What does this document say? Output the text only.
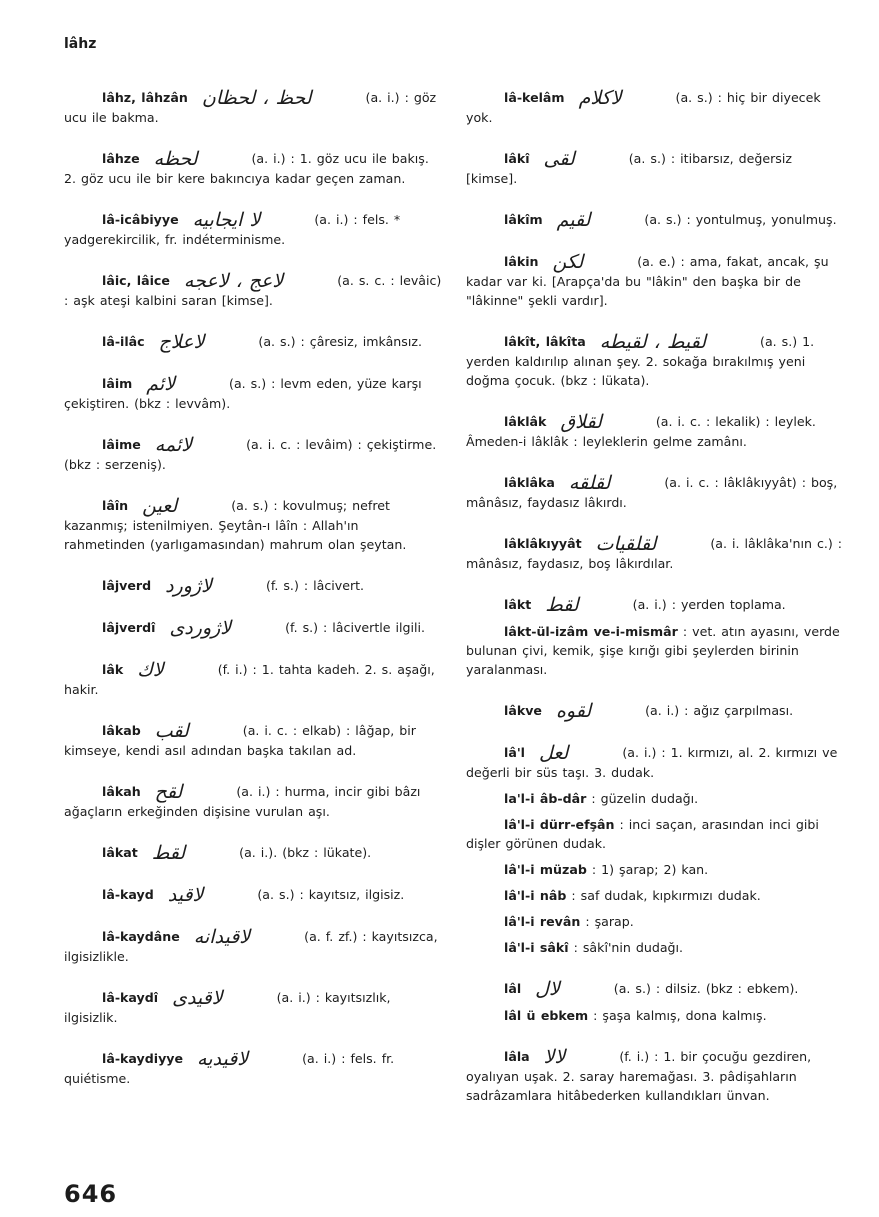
lâhz
lâhz, lâhzân لحظ ، لحظان	(a. i.) : göz ucu ile bakma.
lâhze لحظه	(a. i.) : 1. göz ucu ile bakış. 2. göz ucu ile bir kere bakıncıya kadar geçen zaman.
lâ-icâbiyye لا ايجابيه	(a. i.) : fels. * yadgerekircilik, fr. indéterminisme.
lâic, lâice لاعج ، لاعجه	(a. s. c. : levâic) : aşk ateşi kalbini saran [kimse].
lâ-ilâc لاعلاج	(a. s.) : çâresiz, imkânsız.
lâim لائم	(a. s.) : levm eden, yüze karşı çekiştiren. (bkz : levvâm).
lâime لائمه	(a. i. c. : levâim) : çekiştirme. (bkz : serzeniş).
lâîn لعين	(a. s.) : kovulmuş; nefret kazanmış; istenilmiyen. Şeytân-ı lâîn : Allah'ın rahmetinden (yarlıgamasından) mahrum olan şeytan.
lâjverd لاژورد	(f. s.) : lâcivert.
lâjverdî لاژوردى	(f. s.) : lâcivertle ilgili.
lâk لاك	(f. i.) : 1. tahta kadeh. 2. s. aşağı, hakir.
lâkab لقب	(a. i. c. : elkab) : lâğap, bir kimseye, kendi asıl adından başka takılan ad.
lâkah لقح	(a. i.) : hurma, incir gibi bâzı ağaçların erkeğinden dişisine vurulan aşı.
lâkat لقط	(a. i.). (bkz : lükate).
lâ-kayd لاقيد	(a. s.) : kayıtsız, ilgisiz.
lâ-kaydâne لاقيدانه	(a. f. zf.) : kayıtsızca, ilgisizlikle.
lâ-kaydî لاقيدى	(a. i.) : kayıtsızlık, ilgisizlik.
lâ-kaydiyye لاقيديه	(a. i.) : fels. fr. quiétisme.
lâ-kelâm لاكلام	(a. s.) : hiç bir diyecek yok.
lâkî لقى	(a. s.) : itibarsız, değersiz [kimse].
lâkîm لقيم	(a. s.) : yontulmuş, yonulmuş.
lâkin لكن	(a. e.) : ama, fakat, ancak, şu kadar var ki. [Arapça'da bu "lâkin" den başka bir de "lâkinne" şekli vardır].
lâkît, lâkîta لقيط ، لقيطه	(a. s.) 1. yerden kaldırılıp alınan şey. 2. sokağa bırakılmış yeni doğma çocuk. (bkz : lükata).
lâklâk لقلاق	(a. i. c. : lekalik) : leylek. Âmeden-i lâklâk : leyleklerin gelme zamânı.
lâklâka لقلقه	(a. i. c. : lâklâkıyyât) : boş, mânâsız, faydasız lâkırdı.
lâklâkıyyât لقلقيات	(a. i. lâklâka'nın c.) : mânâsız, faydasız, boş lâkırdılar.
lâkt لقط	(a. i.) : yerden toplama.
lâkt-ül-izâm ve-i-mismâr : vet. atın ayasını, verde bulunan çivi, kemik, şişe kırığı gibi şeylerden birinin yaralanması.
lâkve لقوه	(a. i.) : ağız çarpılması.
lâ'l لعل	(a. i.) : 1. kırmızı, al. 2. kırmızı ve değerli bir süs taşı. 3. dudak.
la'l-i âb-dâr : güzelin dudağı.
lâ'l-i dürr-efşân : inci saçan, arasından inci gibi dişler görünen dudak.
lâ'l-i müzab : 1) şarap; 2) kan.
lâ'l-i nâb : saf dudak, kıpkırmızı dudak.
lâ'l-i revân : şarap.
lâ'l-i sâkî : sâkî'nin dudağı.
lâl لال	(a. s.) : dilsiz. (bkz : ebkem).
lâl ü ebkem : şaşa kalmış, dona kalmış.
lâla لالا	(f. i.) : 1. bir çocuğu gezdiren, oyalıyan uşak. 2. saray haremağası. 3. pâdişahların sadrâzamlara hitâbederken kullandıkları ünvan.
646
